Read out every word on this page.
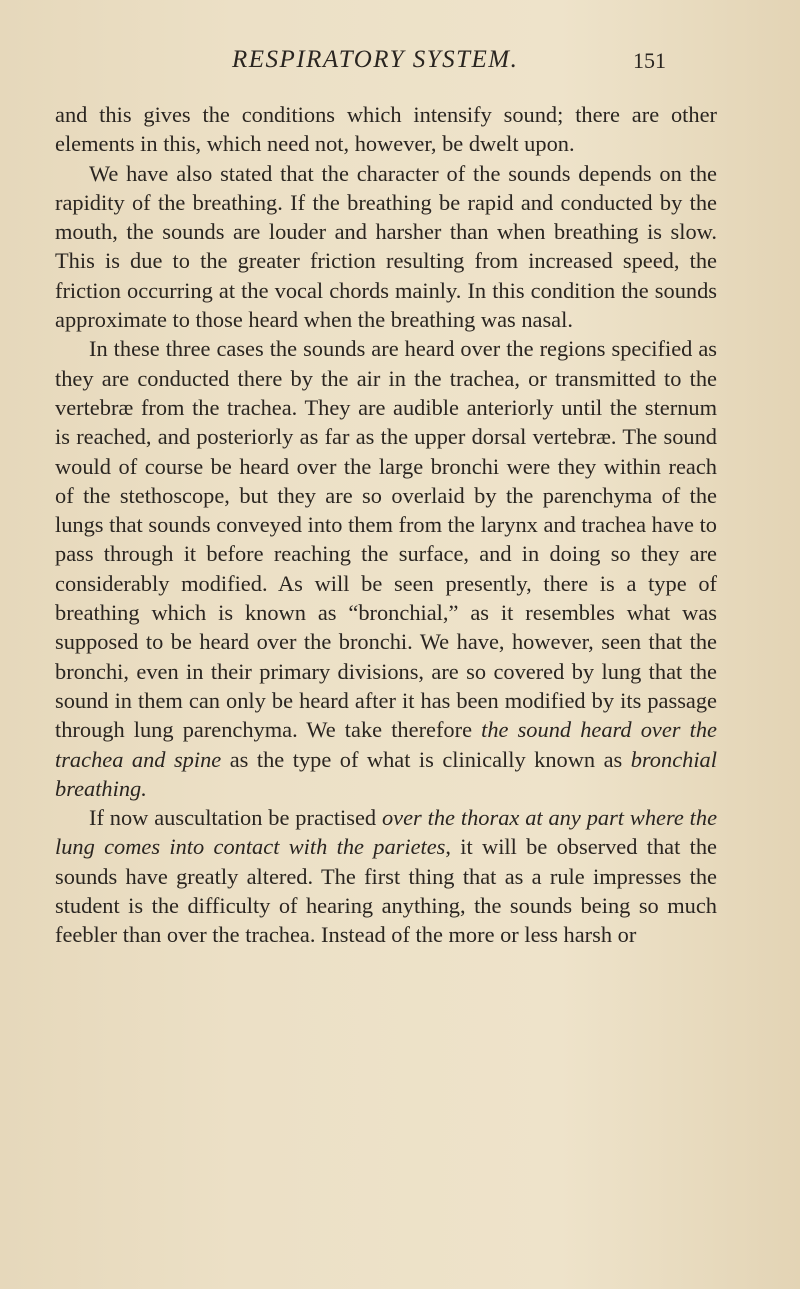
RESPIRATORY SYSTEM.	151

and this gives the conditions which intensify sound; there are other elements in this, which need not, however, be dwelt upon.

We have also stated that the character of the sounds depends on the rapidity of the breathing. If the breathing be rapid and conducted by the mouth, the sounds are louder and harsher than when breathing is slow. This is due to the greater friction resulting from increased speed, the friction occurring at the vocal chords mainly. In this condition the sounds approximate to those heard when the breathing was nasal.

In these three cases the sounds are heard over the regions specified as they are conducted there by the air in the trachea, or transmitted to the vertebræ from the trachea. They are audible anteriorly until the sternum is reached, and posteriorly as far as the upper dorsal vertebræ. The sound would of course be heard over the large bronchi were they within reach of the stethoscope, but they are so overlaid by the parenchyma of the lungs that sounds conveyed into them from the larynx and trachea have to pass through it before reaching the surface, and in doing so they are considerably modified. As will be seen presently, there is a type of breathing which is known as “bronchial,” as it resembles what was supposed to be heard over the bronchi. We have, however, seen that the bronchi, even in their primary divisions, are so covered by lung that the sound in them can only be heard after it has been modified by its passage through lung parenchyma. We take therefore the sound heard over the trachea and spine as the type of what is clinically known as bronchial breathing.

If now auscultation be practised over the thorax at any part where the lung comes into contact with the parietes, it will be observed that the sounds have greatly altered. The first thing that as a rule impresses the student is the difficulty of hearing anything, the sounds being so much feebler than over the trachea. Instead of the more or less harsh or
